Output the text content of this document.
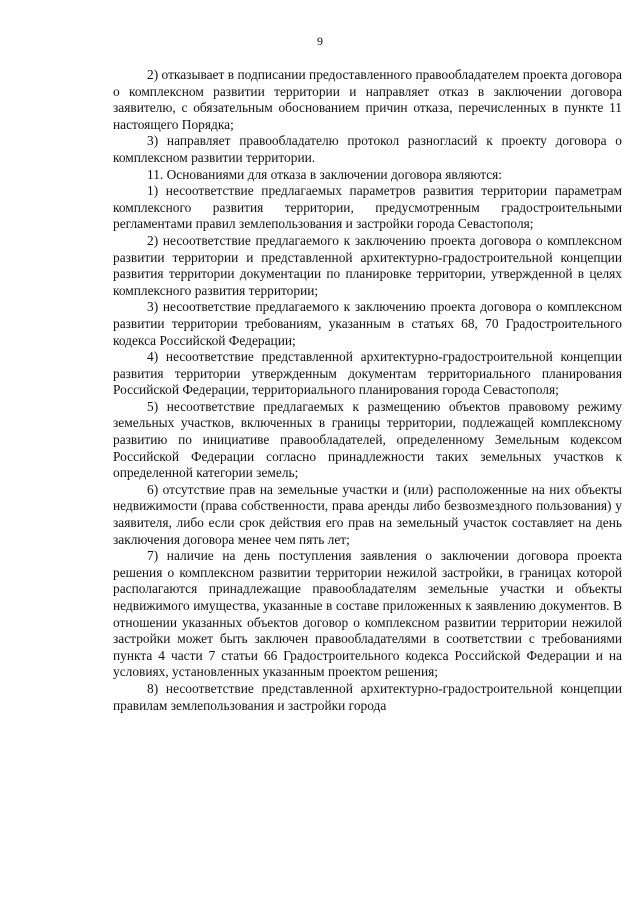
9

2) отказывает в подписании предоставленного правообладателем проекта договора о комплексном развитии территории и направляет отказ в заключении договора заявителю, с обязательным обоснованием причин отказа, перечисленных в пункте 11 настоящего Порядка;

3) направляет правообладателю протокол разногласий к проекту договора о комплексном развитии территории.

11. Основаниями для отказа в заключении договора являются:

1) несоответствие предлагаемых параметров развития территории параметрам комплексного развития территории, предусмотренным градостроительными регламентами правил землепользования и застройки города Севастополя;

2) несоответствие предлагаемого к заключению проекта договора о комплексном развитии территории и представленной архитектурно-градостроительной концепции развития территории документации по планировке территории, утвержденной в целях комплексного развития территории;

3) несоответствие предлагаемого к заключению проекта договора о комплексном развитии территории требованиям, указанным в статьях 68, 70 Градостроительного кодекса Российской Федерации;

4) несоответствие представленной архитектурно-градостроительной концепции развития территории утвержденным документам территориального планирования Российской Федерации, территориального планирования города Севастополя;

5) несоответствие предлагаемых к размещению объектов правовому режиму земельных участков, включенных в границы территории, подлежащей комплексному развитию по инициативе правообладателей, определенному Земельным кодексом Российской Федерации согласно принадлежности таких земельных участков к определенной категории земель;

6) отсутствие прав на земельные участки и (или) расположенные на них объекты недвижимости (права собственности, права аренды либо безвозмездного пользования) у заявителя, либо если срок действия его прав на земельный участок составляет на день заключения договора менее чем пять лет;

7) наличие на день поступления заявления о заключении договора проекта решения о комплексном развитии территории нежилой застройки, в границах которой располагаются принадлежащие правообладателям земельные участки и объекты недвижимого имущества, указанные в составе приложенных к заявлению документов. В отношении указанных объектов договор о комплексном развитии территории нежилой застройки может быть заключен правообладателями в соответствии с требованиями пункта 4 части 7 статьи 66 Градостроительного кодекса Российской Федерации и на условиях, установленных указанным проектом решения;

8) несоответствие представленной архитектурно-градостроительной концепции правилам землепользования и застройки города
